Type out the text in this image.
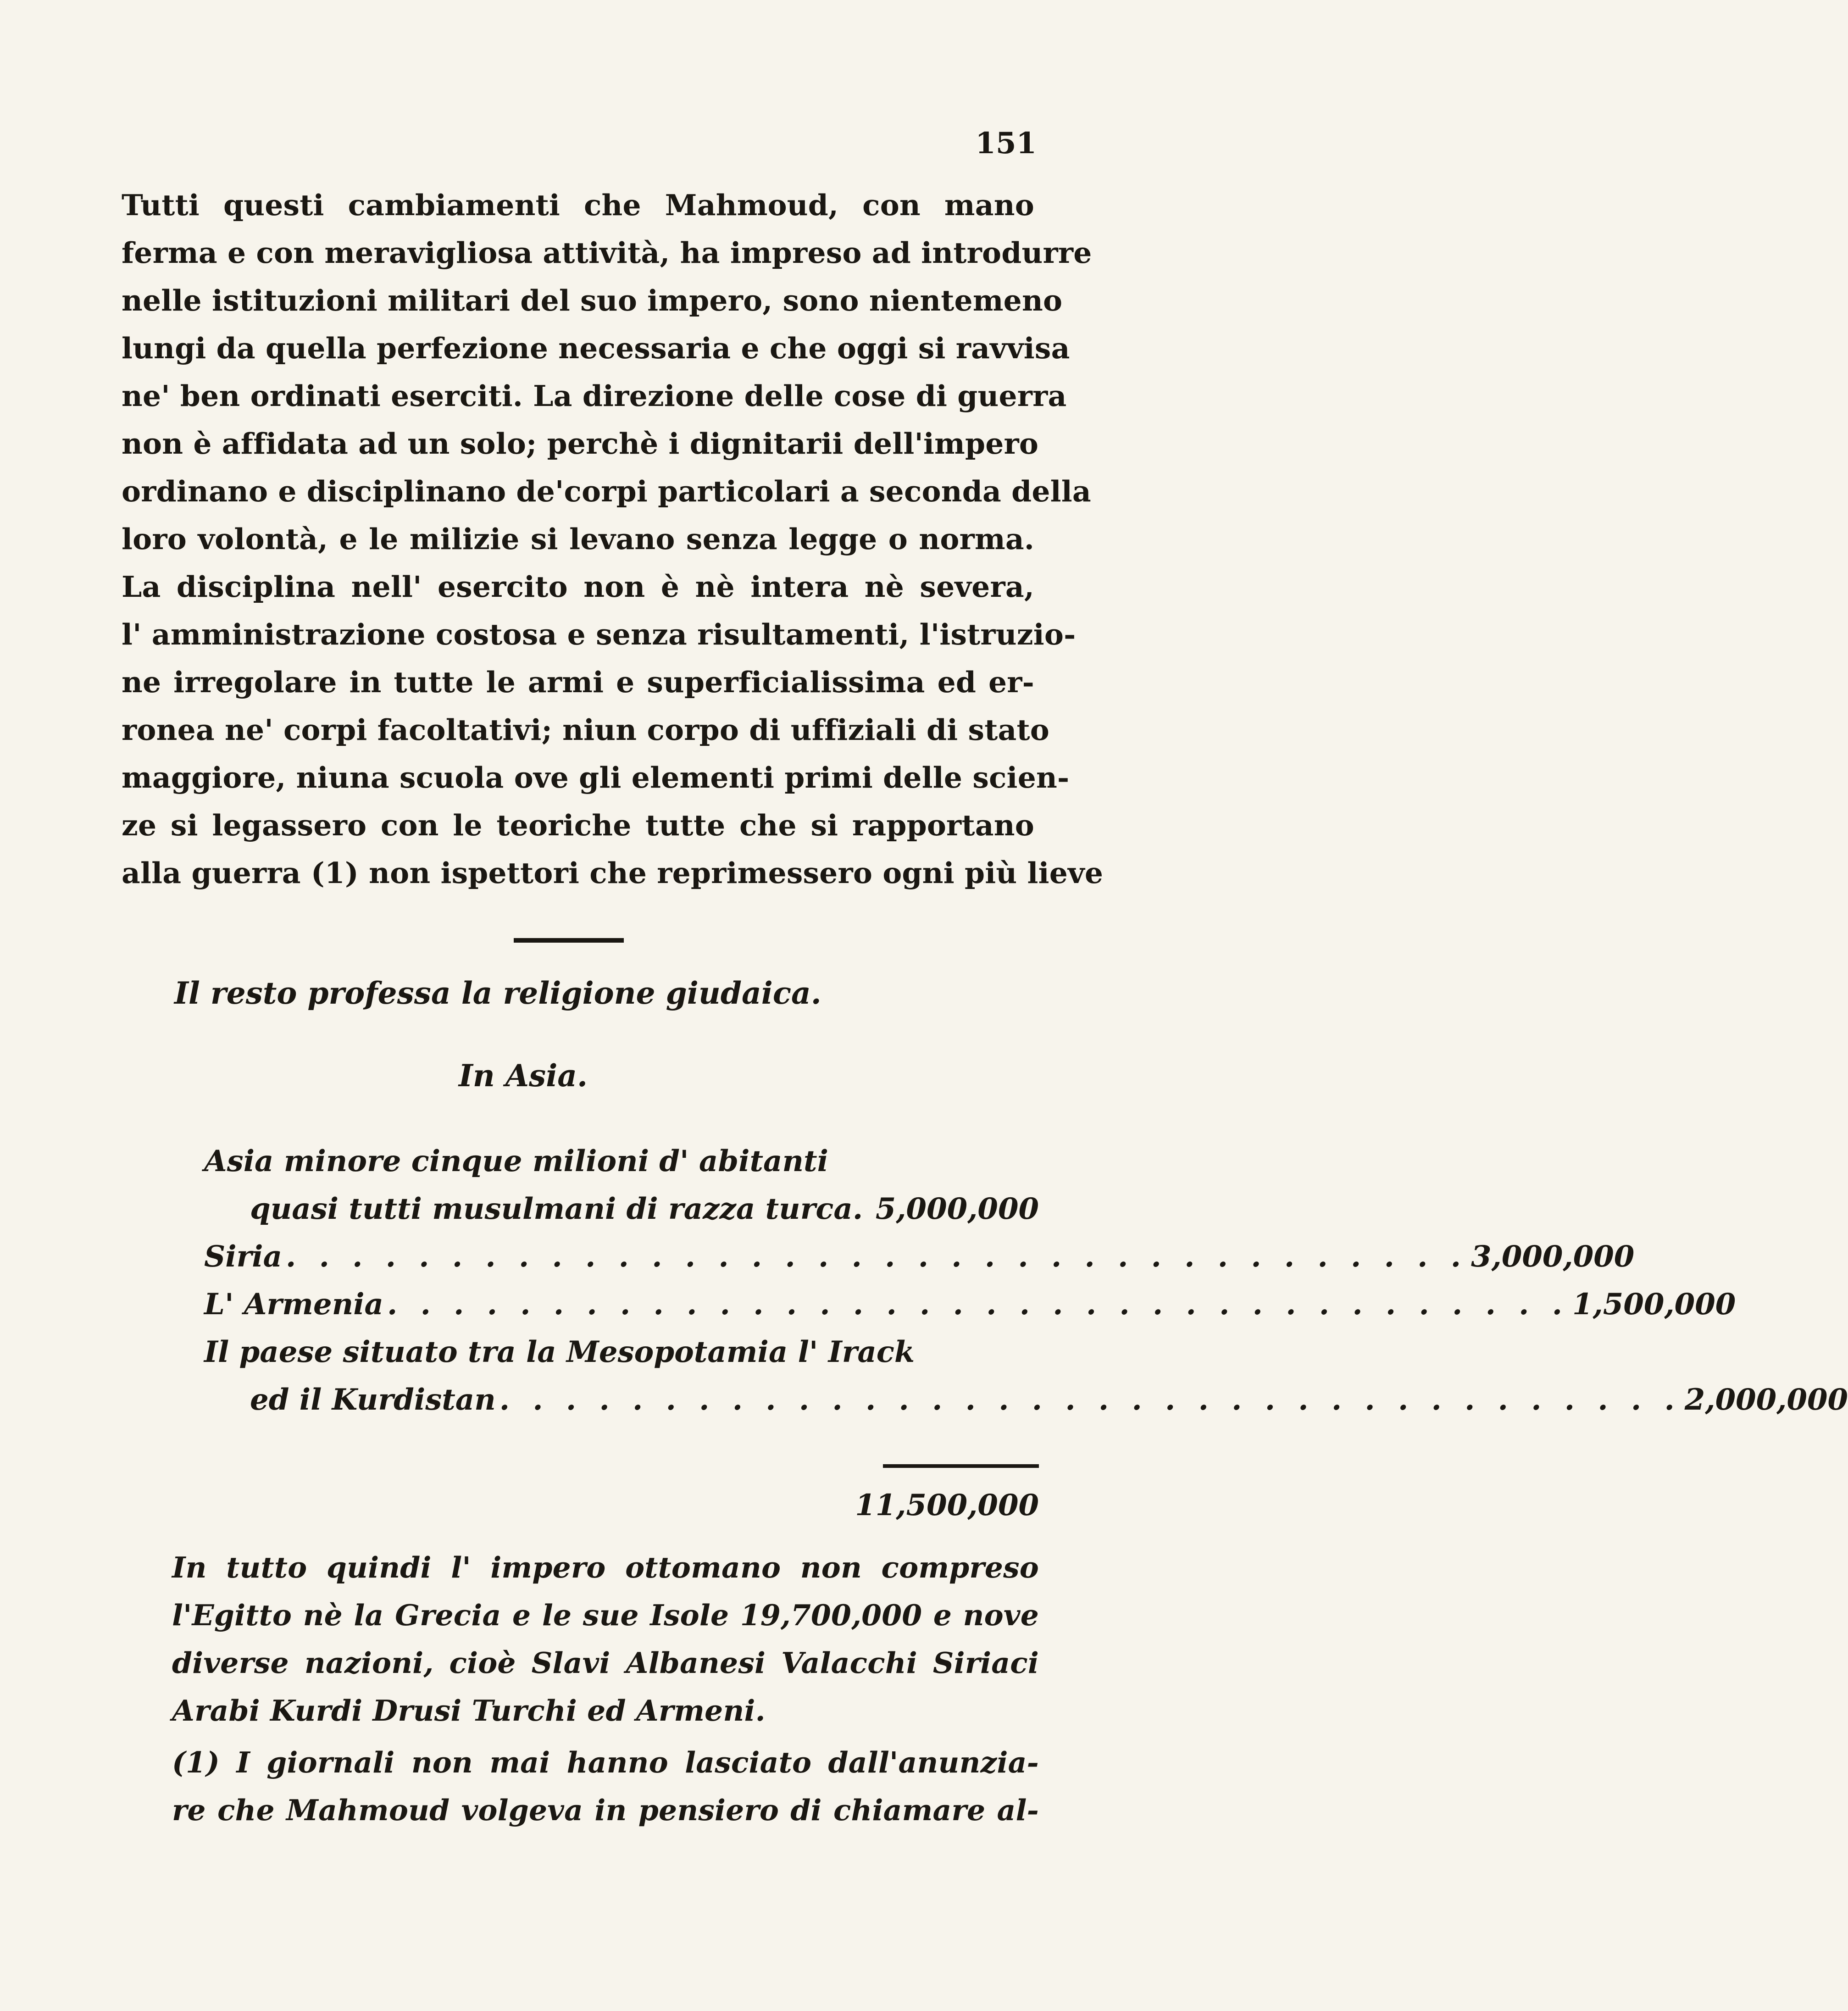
151
Tutti questi cambiamenti che Mahmoud, con mano
ferma e con meravigliosa attività, ha impreso ad introdurre
nelle istituzioni militari del suo impero, sono nientemeno
lungi da quella perfezione necessaria e che oggi si ravvisa
ne' ben ordinati eserciti. La direzione delle cose di guerra
non è affidata ad un solo; perchè i dignitarii dell'impero
ordinano e disciplinano de'corpi particolari a seconda della
loro volontà, e le milizie si levano senza legge o norma.
La disciplina nell' esercito non è nè intera nè severa,
l' amministrazione costosa e senza risultamenti, l'istruzio-
ne irregolare in tutte le armi e superficialissima ed er-
ronea ne' corpi facoltativi; niun corpo di uffiziali di stato
maggiore, niuna scuola ove gli elementi primi delle scien-
ze si legassero con le teoriche tutte che si rapportano
alla guerra (1) non ispettori che reprimessero ogni più lieve
Il resto professa la religione giudaica.
In Asia.
Asia minore cinque milioni d' abitanti
quasi tutti musulmani di razza turca. 5,000,000
Siria . . . . . . . . . . . . . . . . . . . . . . . . . . . . . . . . . . . . 3,000,000
L' Armenia . . . . . . . . . . . . . . . . . . . . . . . . . . . . . . . . . . . . 1,500,000
Il paese situato tra la Mesopotamia l' Irack
ed il Kurdistan . . . . . . . . . . . . . . . . . . . . . . . . . . . . . . . . . . . . 2,000,000
11,500,000
In tutto quindi l' impero ottomano non compreso
l'Egitto nè la Grecia e le sue Isole 19,700,000 e nove
diverse nazioni, cioè Slavi Albanesi Valacchi Siriaci
Arabi Kurdi Drusi Turchi ed Armeni.
(1) I giornali non mai hanno lasciato dall'anunzia-
re che Mahmoud volgeva in pensiero di chiamare al-
